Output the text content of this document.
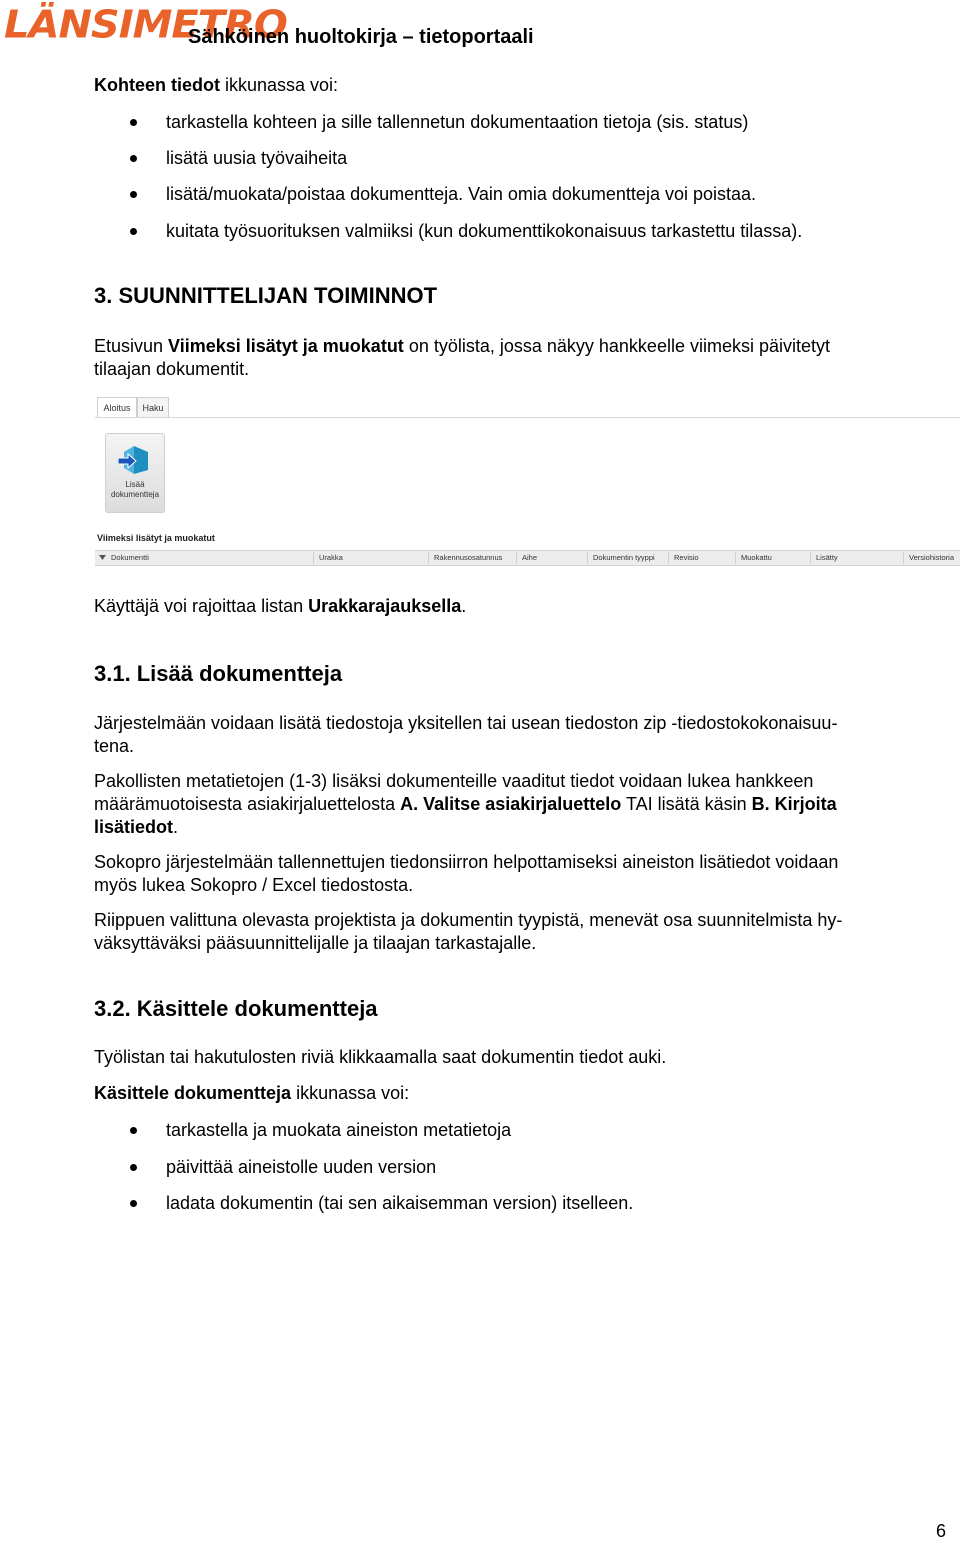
LÄNSIMETRO
Sähköinen huoltokirja – tietoportaali
Kohteen tiedot ikkunassa voi:
tarkastella kohteen ja sille tallennetun dokumentaation tietoja (sis. status)
lisätä uusia työvaiheita
lisätä/muokata/poistaa dokumentteja. Vain omia dokumentteja voi poistaa.
kuitata työsuorituksen valmiiksi (kun dokumenttikokonaisuus tarkastettu tilassa).
3. SUUNNITTELIJAN TOIMINNOT
Etusivun Viimeksi lisätyt ja muokatut on työlista, jossa näkyy hankkeelle viimeksi päivitetyt
tilaajan dokumentit.
Aloitus	Haku
Lisää
dokumentteja
Viimeksi lisätyt ja muokatut
Dokumentti	Urakka	Rakennusosatunnus	Aihe	Dokumentin tyyppi	Revisio	Muokattu	Lisätty	Versiohistoria
Käyttäjä voi rajoittaa listan Urakkarajauksella.
3.1. Lisää dokumentteja
Järjestelmään voidaan lisätä tiedostoja yksitellen tai usean tiedoston zip -tiedostokokonaisuu-
tena.
Pakollisten metatietojen (1-3) lisäksi dokumenteille vaaditut tiedot voidaan lukea hankkeen
määrämuotoisesta asiakirjaluettelosta A. Valitse asiakirjaluettelo TAI lisätä käsin B. Kirjoita
lisätiedot.
Sokopro järjestelmään tallennettujen tiedonsiirron helpottamiseksi aineiston lisätiedot voidaan
myös lukea Sokopro / Excel tiedostosta.
Riippuen valittuna olevasta projektista ja dokumentin tyypistä, menevät osa suunnitelmista hy-
väksyttäväksi pääsuunnittelijalle ja tilaajan tarkastajalle.
3.2. Käsittele dokumentteja
Työlistan tai hakutulosten riviä klikkaamalla saat dokumentin tiedot auki.
Käsittele dokumentteja ikkunassa voi:
tarkastella ja muokata aineiston metatietoja
päivittää aineistolle uuden version
ladata dokumentin (tai sen aikaisemman version) itselleen.
6
